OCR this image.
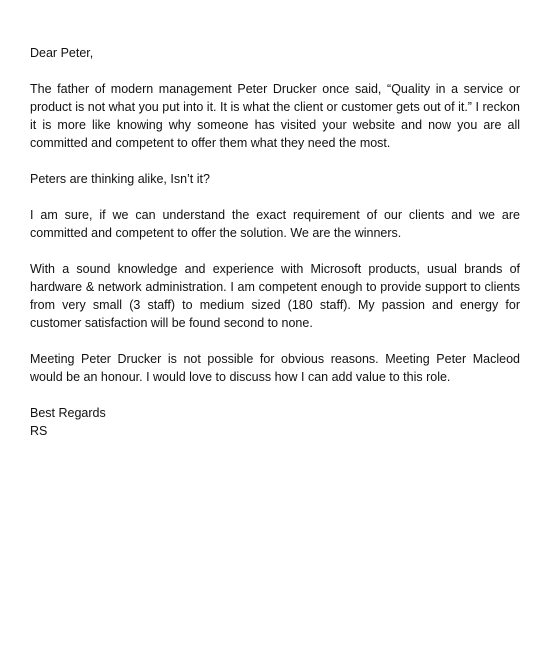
Dear Peter,

The father of modern management Peter Drucker once said, “Quality in a service or product is not what you put into it. It is what the client or customer gets out of it.” I reckon it is more like knowing why someone has visited your website and now you are all committed and competent to offer them what they need the most.

Peters are thinking alike, Isn’t it?

I am sure, if we can understand the exact requirement of our clients and we are committed and competent to offer the solution. We are the winners.

With a sound knowledge and experience with Microsoft products, usual brands of hardware & network administration. I am competent enough to provide support to clients from very small (3 staff) to medium sized (180 staff). My passion and energy for customer satisfaction will be found second to none.

Meeting Peter Drucker is not possible for obvious reasons. Meeting Peter Macleod would be an honour. I would love to discuss how I can add value to this role.

Best Regards

RS
